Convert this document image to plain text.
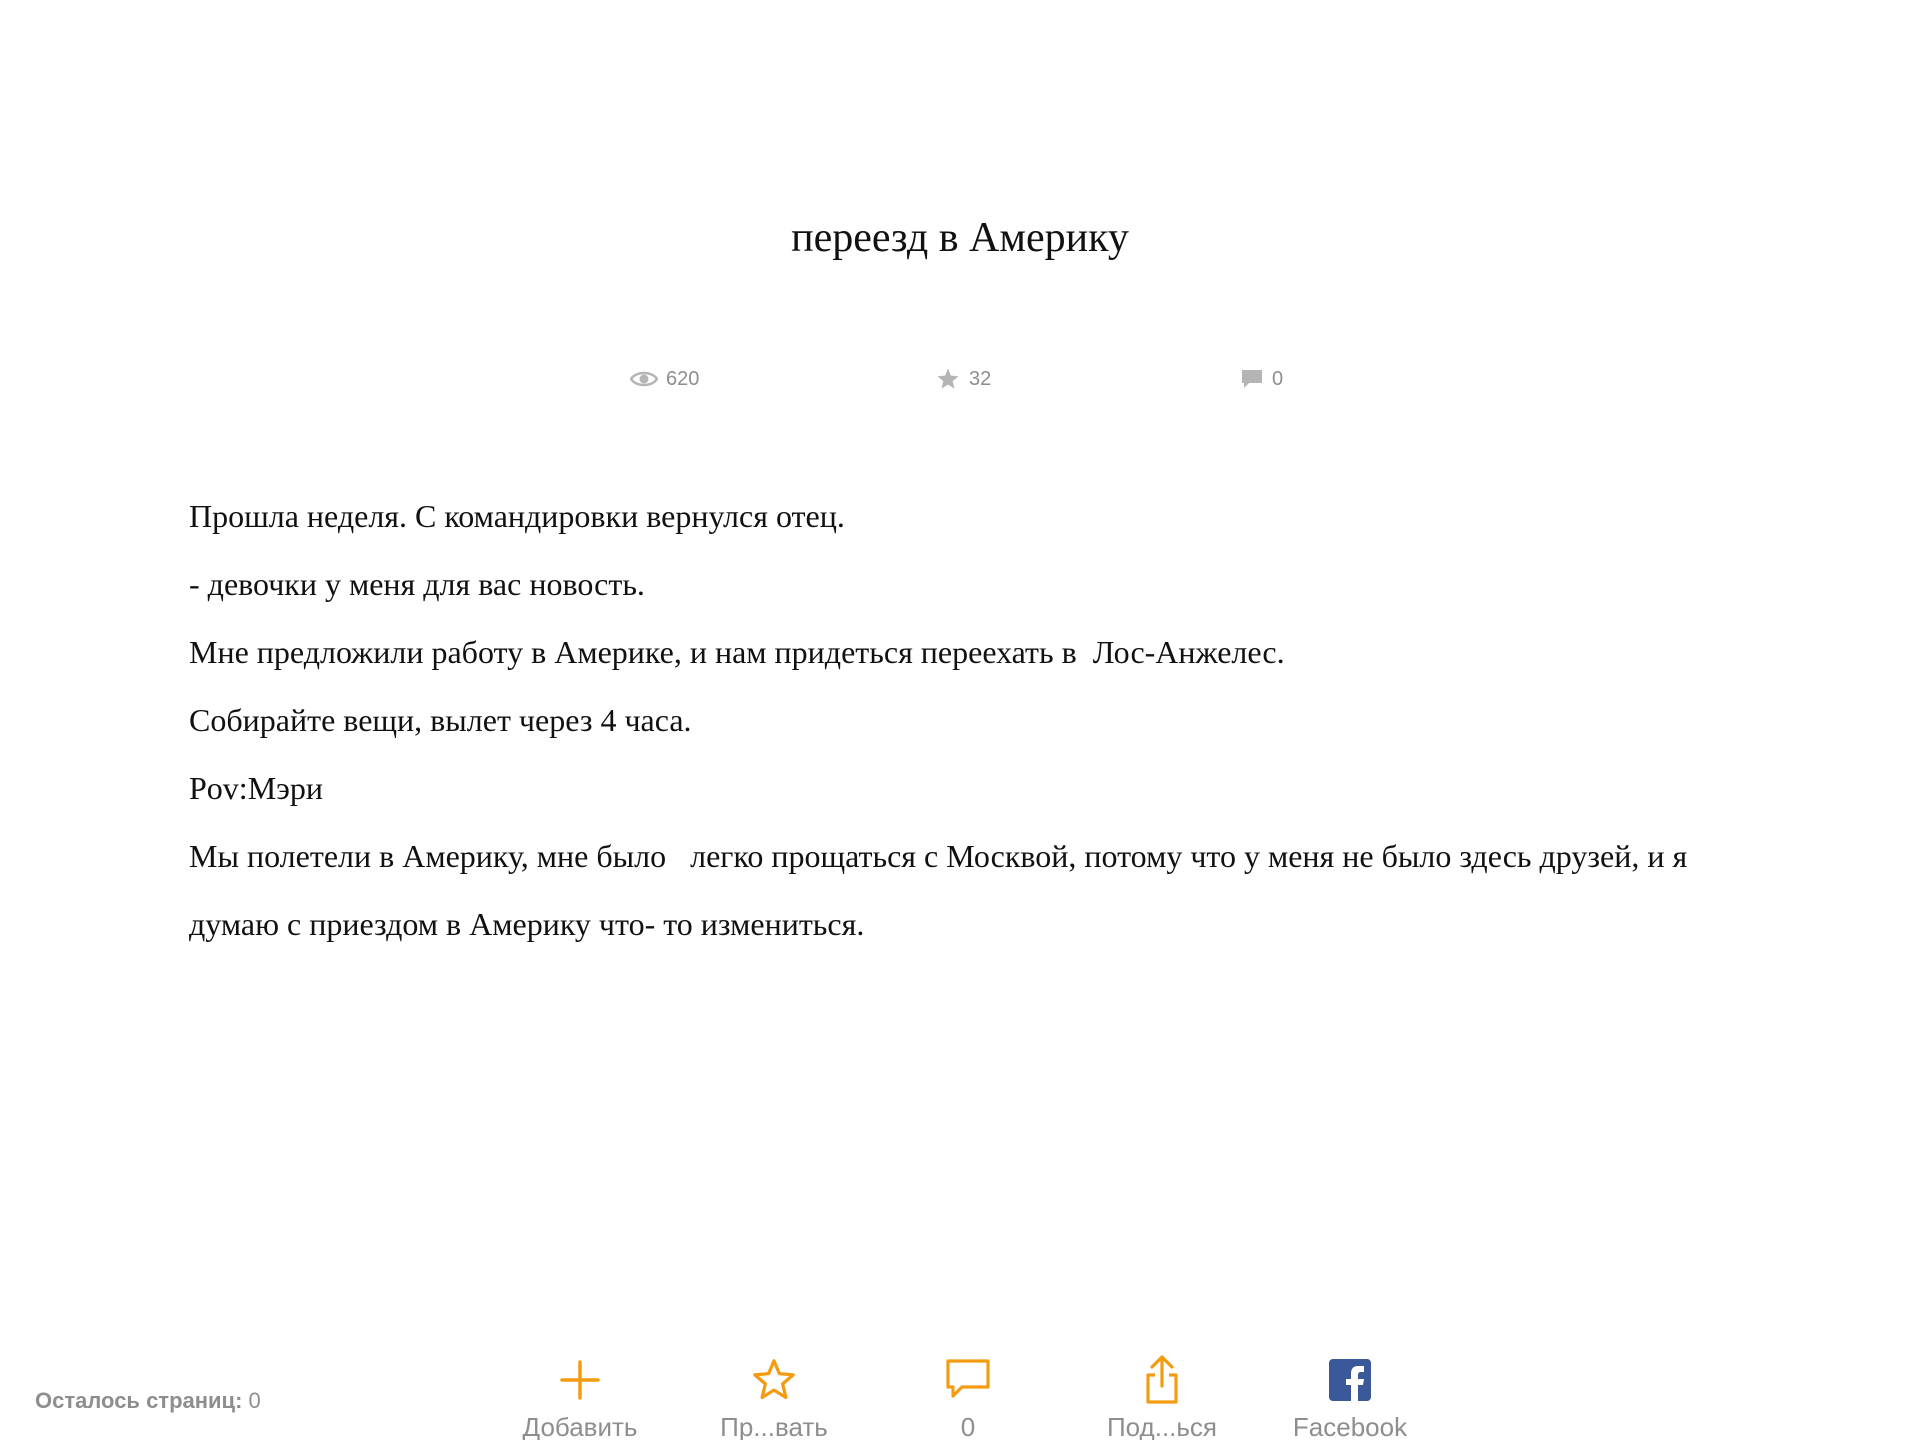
переезд в Америку
620	32	0

Прошла неделя. С командировки вернулся отец.

- девочки у меня для вас новость.

Мне предложили работу в Америке, и нам придеться переехать в  Лос-Анжелес.

Собирайте вещи, вылет через 4 часа.

Pov:Мэри

Мы полетели в Америку, мне было   легко прощаться с Москвой, потому что у меня не было здесь друзей, и я думаю с приездом в Америку что- то измениться.

Осталось страниц: 0
Добавить	Пр...вать	0	Под...ься	Facebook
